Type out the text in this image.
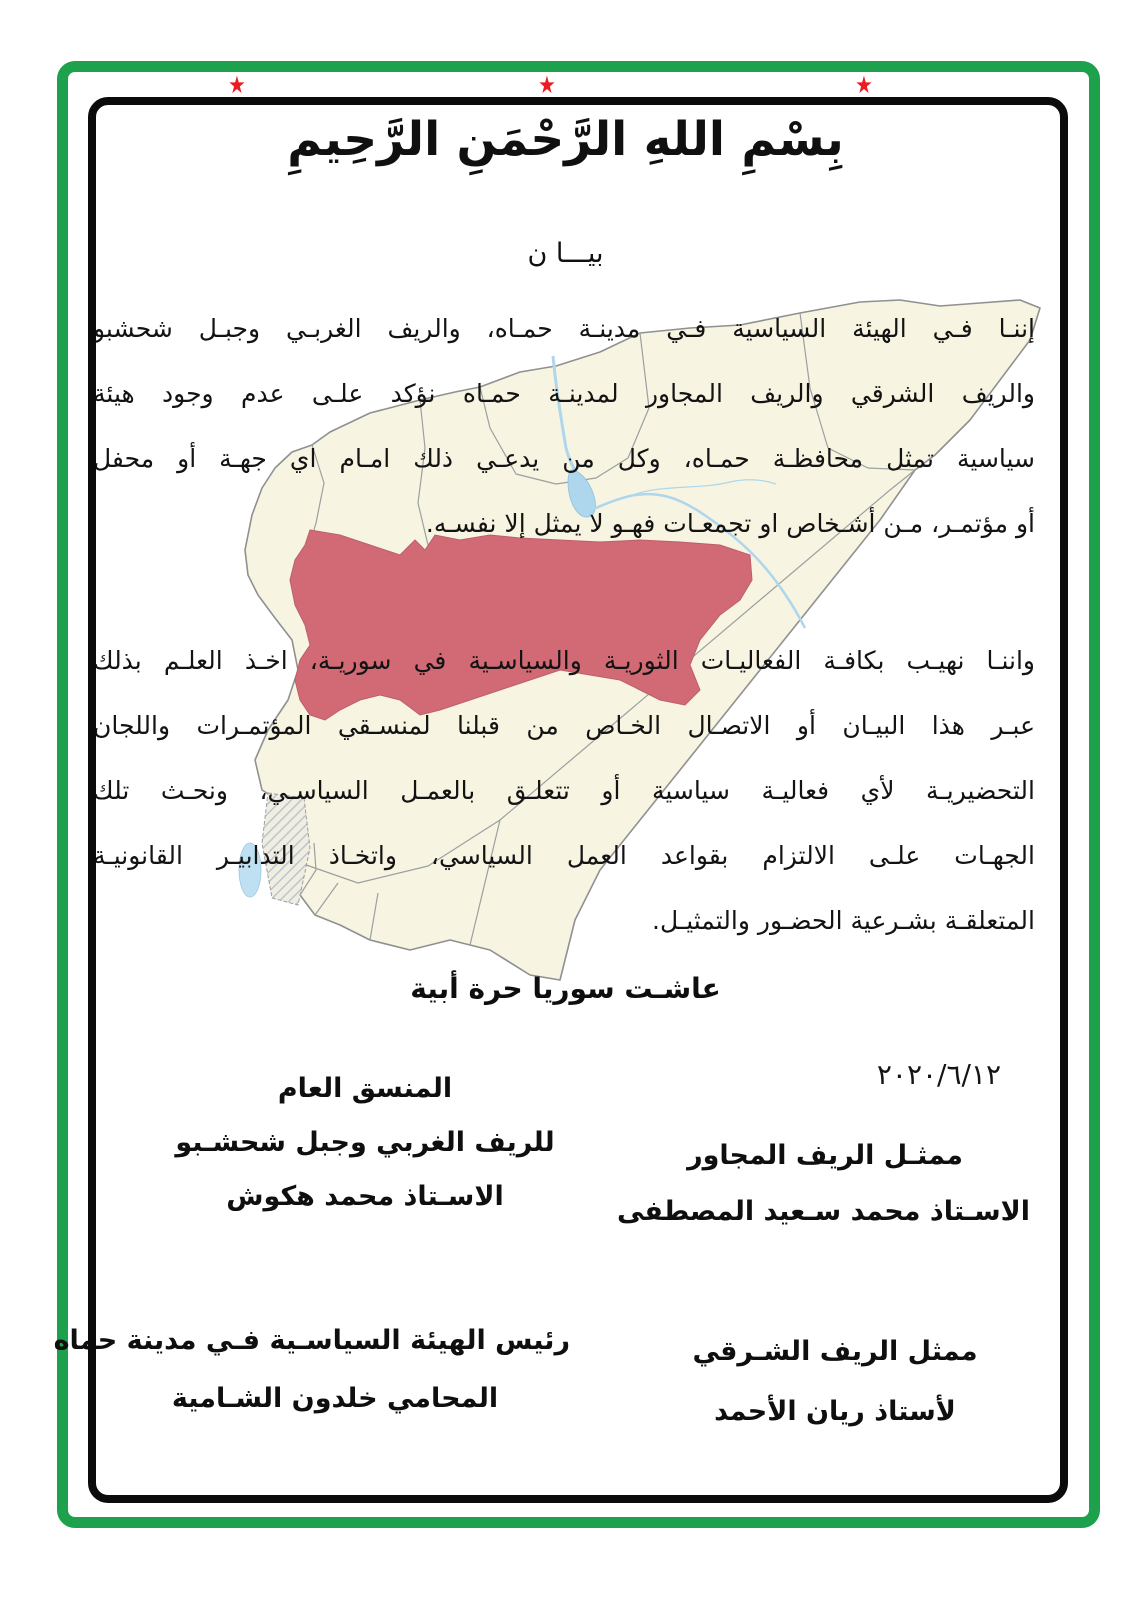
★	★	★
بِسْمِ اللهِ الرَّحْمَنِ الرَّحِيمِ
بيـــا ن
إننـا فـي الهيئة السياسية فـي مدينـة حمـاه، والريف الغربـي وجبـل شحشبو
والريف الشرقي والريف المجاور لمدينـة حمـاه نؤكد علـى عدم وجود هيئة
سياسية تمثل محافظـة حمـاه، وكل من يدعـي ذلك امـام اي جهـة أو محفل
أو مؤتمـر، مـن أشـخاص او تجمعـات فهـو لا يمثل إلا نفسـه.
واننـا نهيـب بكافـة الفعاليـات الثوريـة والسياسـية في سوريـة، اخـذ العلـم بذلك
عبـر هذا البيـان أو الاتصـال الخـاص من قبلنا لمنسـقي المؤتمـرات واللجان
التحضيريـة لأي فعاليـة سياسية أو تتعلـق بالعمـل السياسـي، ونحـث تلك
الجهـات علـى الالتزام بقواعد العمل السياسي، واتخـاذ التدابيـر القانونيـة
المتعلقـة بشـرعية الحضـور والتمثيـل.
عاشـت سوريا حرة أبية
٢٠٢٠/٦/١٢
المنسق العام
للريف الغربي وجبل شحشـبو
الاسـتاذ محمد هكوش
ممثـل الريف المجاور
الاسـتاذ محمد سـعيد المصطفى
ممثل الريف الشـرقي
لأستاذ ريان الأحمد
رئيس الهيئة السياسـية فـي مدينة حماه
المحامي خلدون الشـامية
